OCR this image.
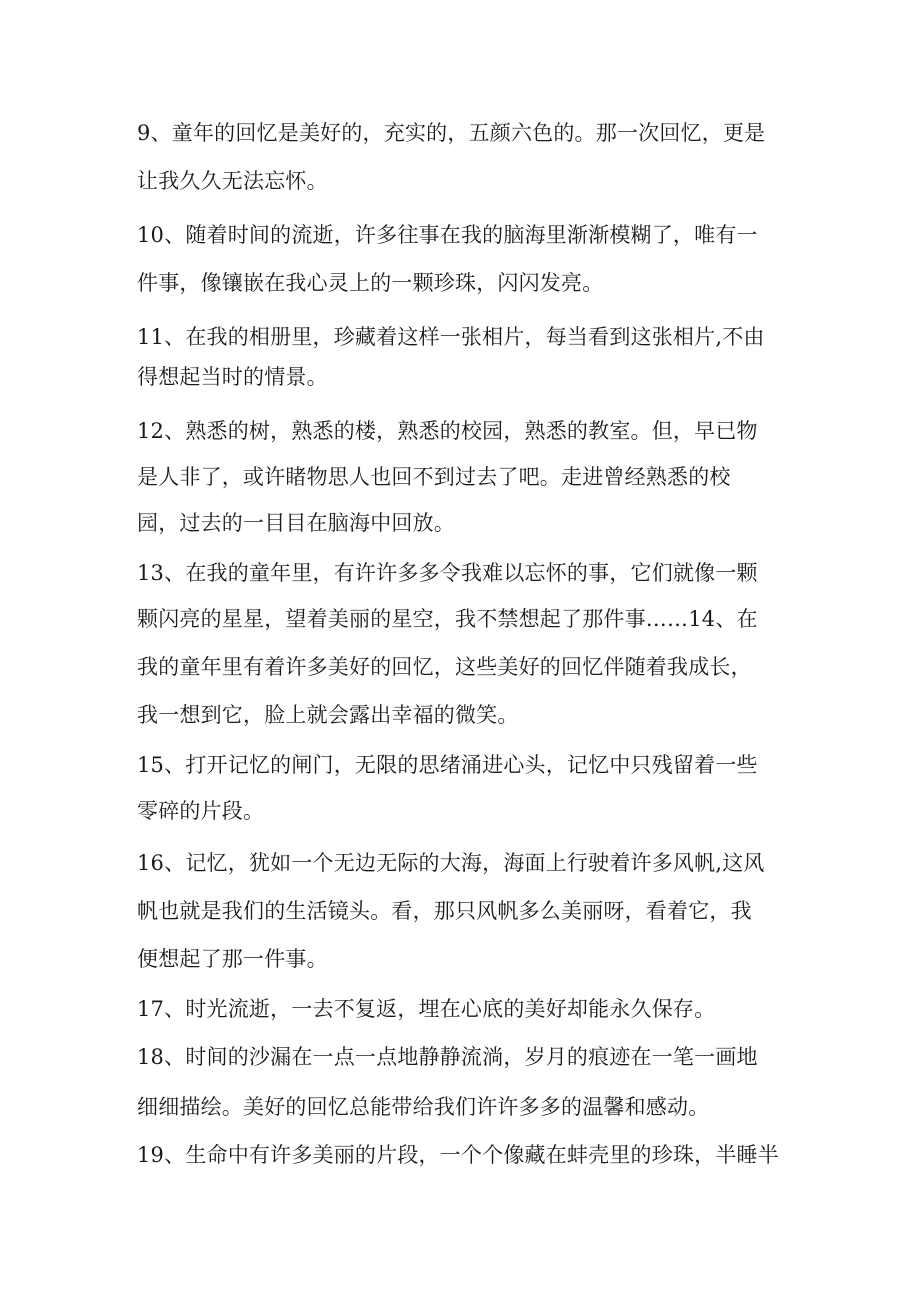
9、童年的回忆是美好的，充实的，五颜六色的。那一次回忆，更是
让我久久无法忘怀。
10、随着时间的流逝，许多往事在我的脑海里渐渐模糊了，唯有一
件事，像镶嵌在我心灵上的一颗珍珠，闪闪发亮。
11、在我的相册里，珍藏着这样一张相片，每当看到这张相片,不由
得想起当时的情景。
12、熟悉的树，熟悉的楼，熟悉的校园，熟悉的教室。但，早已物
是人非了，或许睹物思人也回不到过去了吧。走进曾经熟悉的校
园，过去的一目目在脑海中回放。
13、在我的童年里，有许许多多令我难以忘怀的事，它们就像一颗
颗闪亮的星星，望着美丽的星空，我不禁想起了那件事……14、在
我的童年里有着许多美好的回忆，这些美好的回忆伴随着我成长，
我一想到它，脸上就会露出幸福的微笑。
15、打开记忆的闸门，无限的思绪涌进心头，记忆中只残留着一些
零碎的片段。
16、记忆，犹如一个无边无际的大海，海面上行驶着许多风帆,这风
帆也就是我们的生活镜头。看，那只风帆多么美丽呀，看着它，我
便想起了那一件事。
17、时光流逝，一去不复返，埋在心底的美好却能永久保存。
18、时间的沙漏在一点一点地静静流淌，岁月的痕迹在一笔一画地
细细描绘。美好的回忆总能带给我们许许多多的温馨和感动。
19、生命中有许多美丽的片段，一个个像藏在蚌壳里的珍珠，半睡半
